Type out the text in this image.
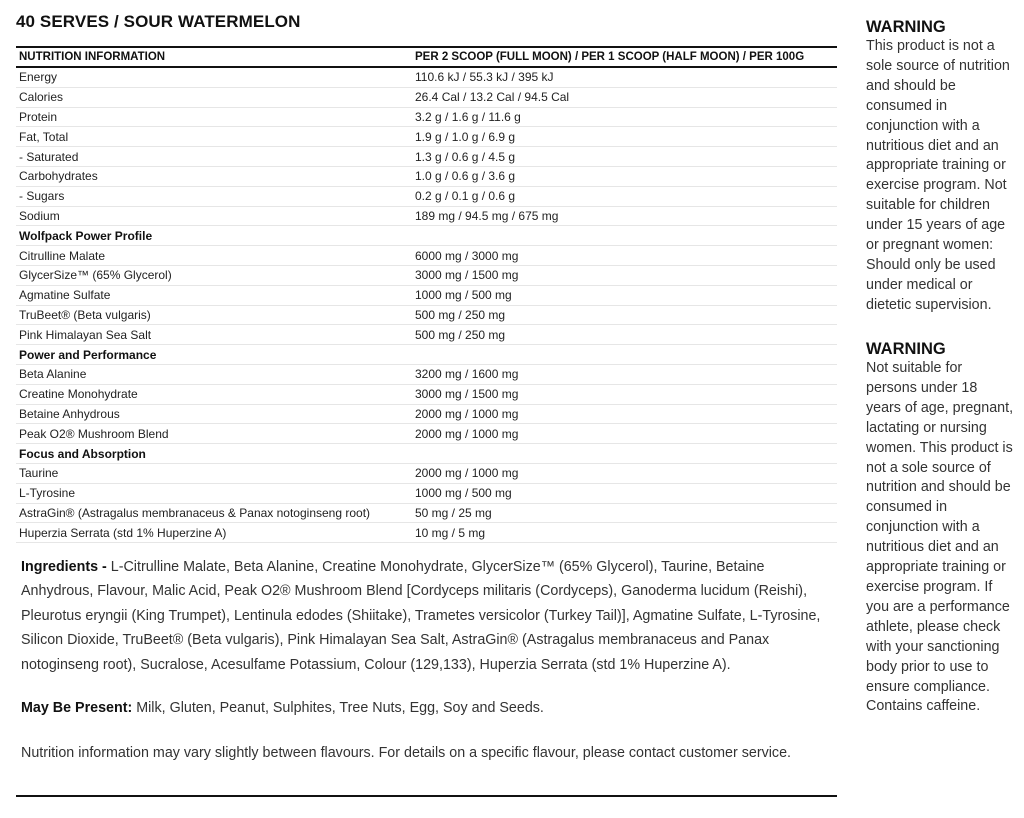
40 SERVES / SOUR WATERMELON
NUTRITION INFORMATION	PER 2 SCOOP (FULL MOON) / PER 1 SCOOP (HALF MOON) / PER 100G
Energy	110.6 kJ / 55.3 kJ / 395 kJ
Calories	26.4 Cal / 13.2 Cal / 94.5 Cal
Protein	3.2 g / 1.6 g / 11.6 g
Fat, Total	1.9 g / 1.0 g / 6.9 g
- Saturated	1.3 g / 0.6 g / 4.5 g
Carbohydrates	1.0 g / 0.6 g / 3.6 g
- Sugars	0.2 g / 0.1 g / 0.6 g
Sodium	189 mg / 94.5 mg / 675 mg
Wolfpack Power Profile
Citrulline Malate	6000 mg / 3000 mg
GlycerSize™ (65% Glycerol)	3000 mg / 1500 mg
Agmatine Sulfate	1000 mg / 500 mg
TruBeet® (Beta vulgaris)	500 mg / 250 mg
Pink Himalayan Sea Salt	500 mg / 250 mg
Power and Performance
Beta Alanine	3200 mg / 1600 mg
Creatine Monohydrate	3000 mg / 1500 mg
Betaine Anhydrous	2000 mg / 1000 mg
Peak O2® Mushroom Blend	2000 mg / 1000 mg
Focus and Absorption
Taurine	2000 mg / 1000 mg
L-Tyrosine	1000 mg / 500 mg
AstraGin® (Astragalus membranaceus & Panax notoginseng root)	50 mg / 25 mg
Huperzia Serrata (std 1% Huperzine A)	10 mg / 5 mg
Ingredients - L-Citrulline Malate, Beta Alanine, Creatine Monohydrate, GlycerSize™ (65% Glycerol), Taurine, Betaine Anhydrous, Flavour, Malic Acid, Peak O2® Mushroom Blend [Cordyceps militaris (Cordyceps), Ganoderma lucidum (Reishi), Pleurotus eryngii (King Trumpet), Lentinula edodes (Shiitake), Trametes versicolor (Turkey Tail)], Agmatine Sulfate, L-Tyrosine, Silicon Dioxide, TruBeet® (Beta vulgaris), Pink Himalayan Sea Salt, AstraGin® (Astragalus membranaceus and Panax notoginseng root), Sucralose, Acesulfame Potassium, Colour (129,133), Huperzia Serrata (std 1% Huperzine A).
May Be Present: Milk, Gluten, Peanut, Sulphites, Tree Nuts, Egg, Soy and Seeds.
Nutrition information may vary slightly between flavours. For details on a specific flavour, please contact customer service.
WARNING
This product is not a sole source of nutrition and should be consumed in conjunction with a nutritious diet and an appropriate training or exercise program. Not suitable for children under 15 years of age or pregnant women: Should only be used under medical or dietetic supervision.
WARNING
Not suitable for persons under 18 years of age, pregnant, lactating or nursing women. This product is not a sole source of nutrition and should be consumed in conjunction with a nutritious diet and an appropriate training or exercise program. If you are a performance athlete, please check with your sanctioning body prior to use to ensure compliance. Contains caffeine.
